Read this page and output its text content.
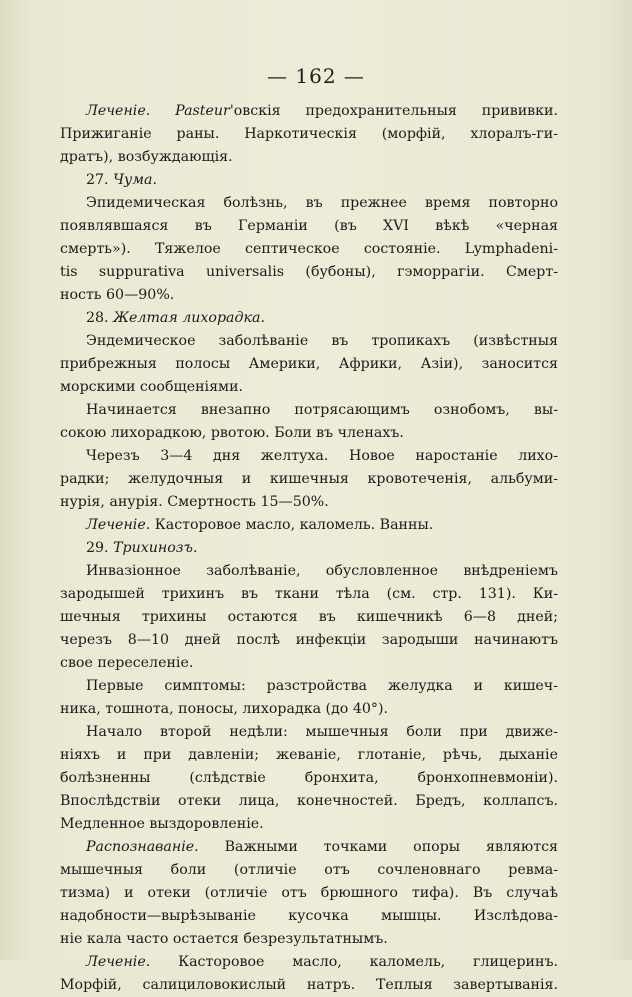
— 162 —
Леченіе. Pasteur'овскія предохранительныя прививки.
Прижиганіе раны. Наркотическія (морфій, хлоралъ-ги-
дратъ), возбуждающія.
27. Чума.
Эпидемическая болѣзнь, въ прежнее время повторно
появлявшаяся въ Германіи (въ XVI вѣкѣ «черная
смерть»). Тяжелое септическое состояніе. Lymphadeni-
tis suppurativa universalis (бубоны), гэморрагіи. Смерт-
ность 60—90%.
28. Желтая лихорадка.
Эндемическое заболѣваніе въ тропикахъ (извѣстныя
прибрежныя полосы Америки, Африки, Азіи), заносится
морскими сообщеніями.
Начинается внезапно потрясающимъ ознобомъ, вы-
сокою лихорадкою, рвотою. Боли въ членахъ.
Черезъ 3—4 дня желтуха. Новое наростаніе лихо-
радки; желудочныя и кишечныя кровотеченія, альбуми-
нурія, анурія. Смертность 15—50%.
Леченіе. Касторовое масло, каломель. Ванны.
29. Трихинозъ.
Инвазіонное заболѣваніе, обусловленное внѣдреніемъ
зародышей трихинъ въ ткани тѣла (см. стр. 131). Ки-
шечныя трихины остаются въ кишечникѣ 6—8 дней;
черезъ 8—10 дней послѣ инфекціи зародыши начинаютъ
свое переселеніе.
Первые симптомы: разстройства желудка и кишеч-
ника, тошнота, поносы, лихорадка (до 40°).
Начало второй недѣли: мышечныя боли при движе-
ніяхъ и при давленіи; жеваніе, глотаніе, рѣчь, дыханіе
болѣзненны (слѣдствіе бронхита, бронхопневмоніи).
Впослѣдствіи отеки лица, конечностей. Бредъ, коллапсъ.
Медленное выздоровленіе.
Распознаваніе. Важными точками опоры являются
мышечныя боли (отличіе отъ сочленовнаго ревма-
тизма) и отеки (отличіе отъ брюшного тифа). Въ случаѣ
надобности—вырѣзываніе кусочка мышцы. Изслѣдова-
ніе кала часто остается безрезультатнымъ.
Леченіе. Касторовое масло, каломель, глицеринъ.
Морфій, салициловокислый натръ. Теплыя завертыванія.
